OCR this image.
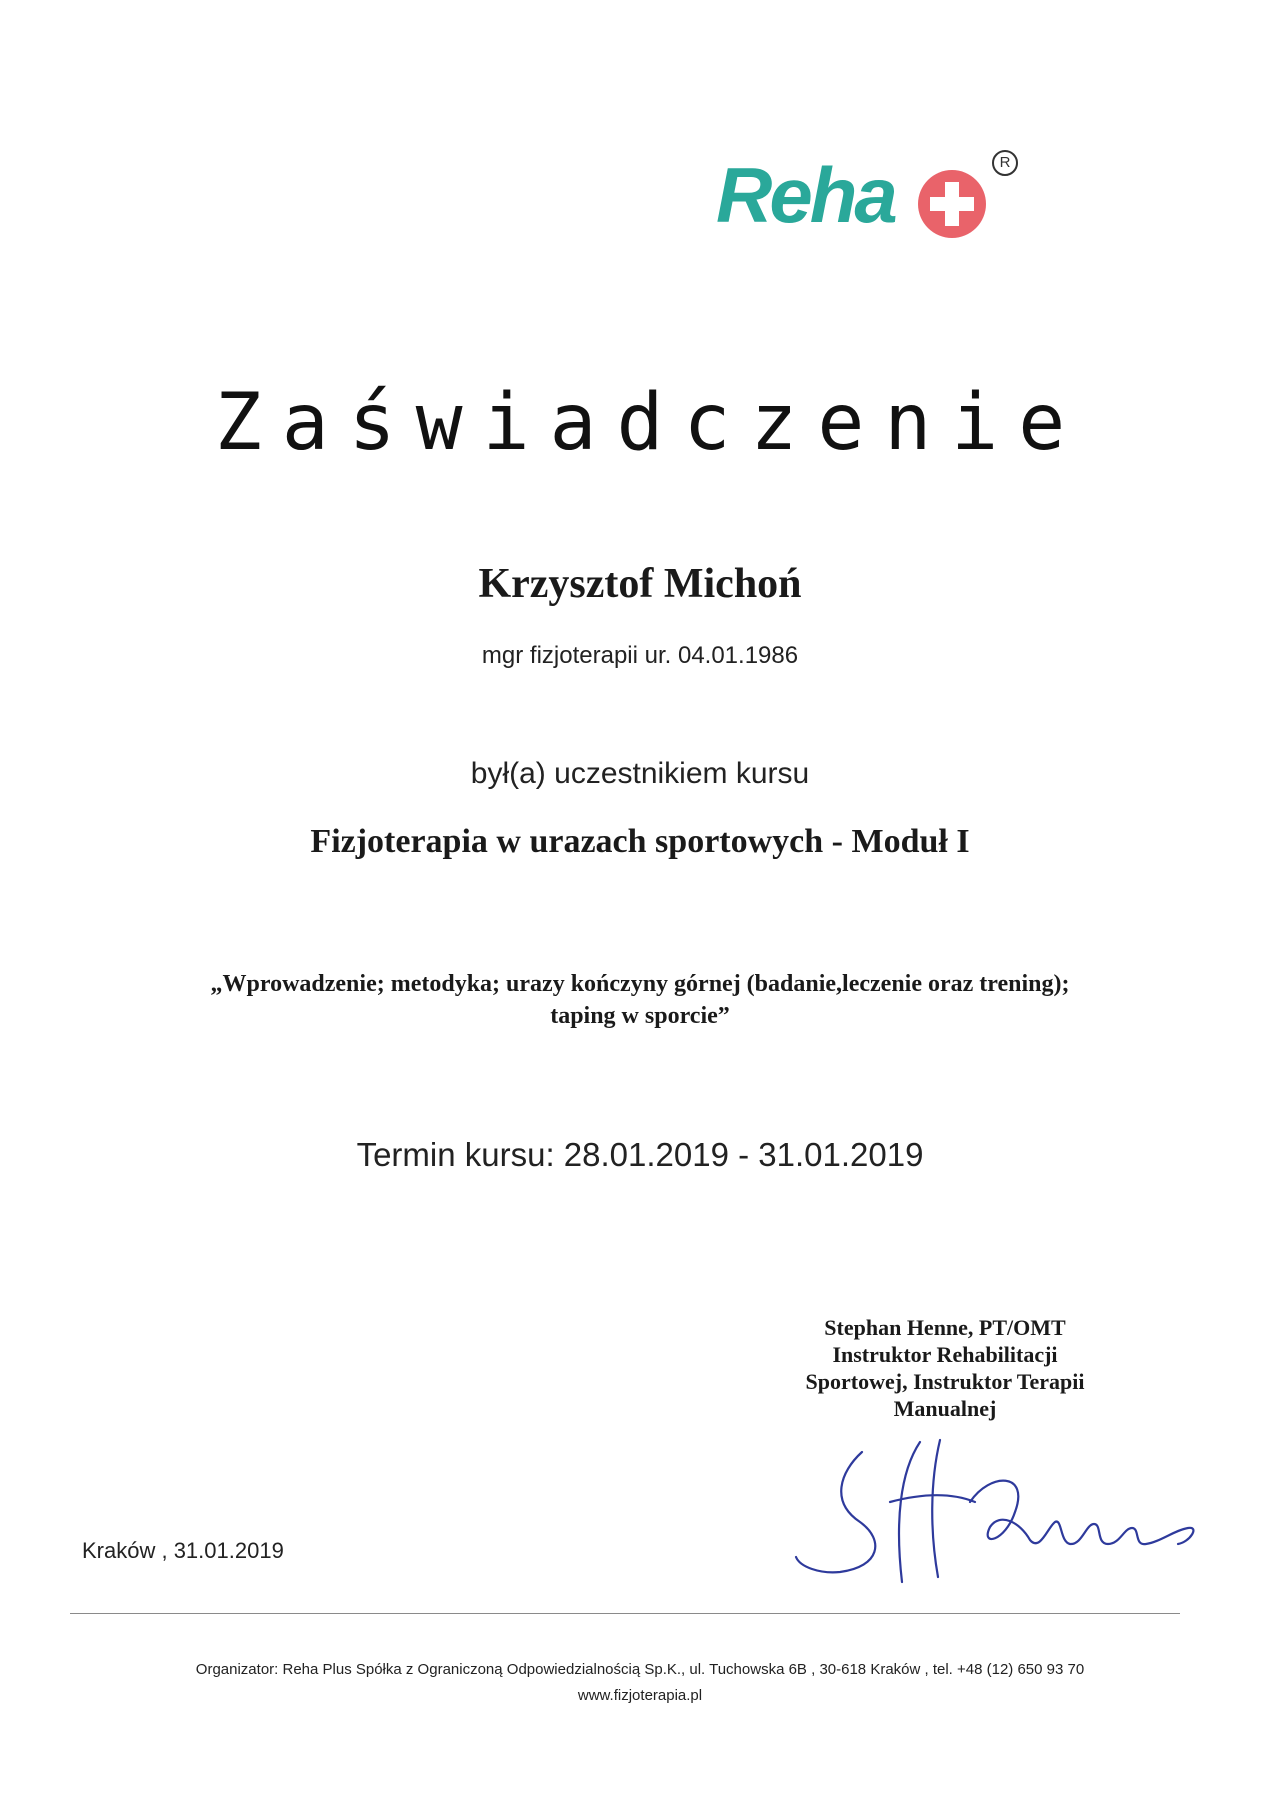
Reha	R
Zaświadczenie
Krzysztof Michoń
mgr fizjoterapii ur. 04.01.1986
był(a) uczestnikiem kursu
Fizjoterapia w urazach sportowych - Moduł I
„Wprowadzenie; metodyka; urazy kończyny górnej (badanie,leczenie oraz trening);
taping w sporcie”
Termin kursu: 28.01.2019 - 31.01.2019
Stephan Henne, PT/OMT
Instruktor Rehabilitacji
Sportowej, Instruktor Terapii
Manualnej
Kraków , 31.01.2019
Organizator: Reha Plus Spółka z Ograniczoną Odpowiedzialnością Sp.K., ul. Tuchowska 6B , 30-618 Kraków , tel. +48 (12) 650 93 70
www.fizjoterapia.pl
